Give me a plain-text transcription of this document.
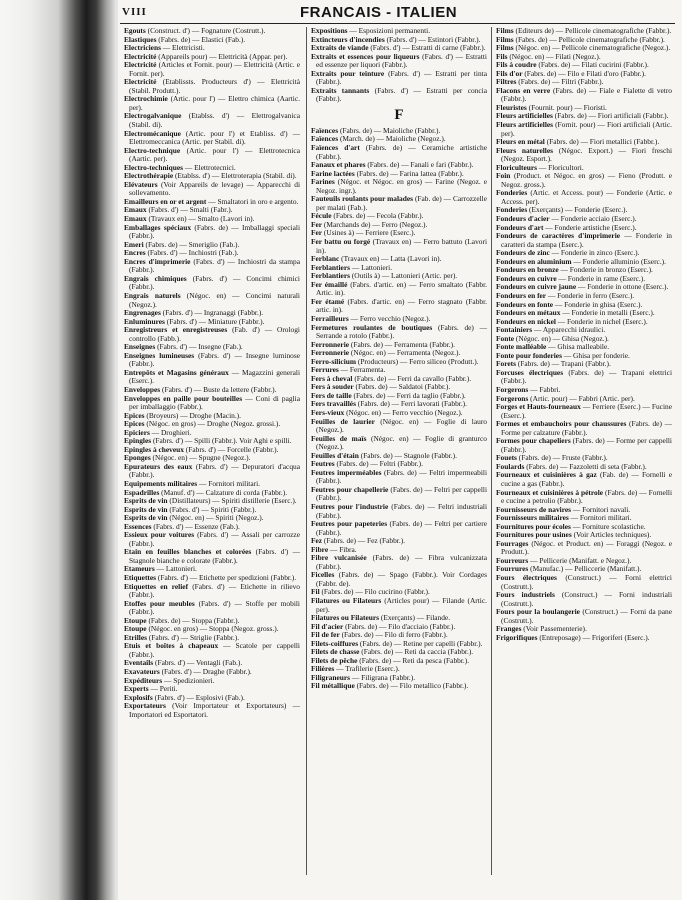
VIII	FRANCAIS - ITALIEN

Egouts (Construct. d') — Fognature (Costrutt.).

Elastiques (Fabrs. de) — Elastici (Fab.).

Electriciens — Elettricisti.

Electricité (Appareils pour) — Elettricità (Appar. per).

Electricité (Articles et Fornit. pour) — Elettricità (Artic. e Fornit. per).

Electricité (Etablissts. Producteurs d') — Elettricità (Stabil. Produtt.).

Electrochimie (Artic. pour l') — Elettro chimica (Aartic. per).

Electrogalvanique (Etablss. d') — Elettrogalvanica (Stabil. di).

Electromécanique (Artic. pour l') et Etabliss. d') — Elettromeccanica (Artic. per Stabil. di).

Electro-technique (Artic. pour l') — Elettrotecnica (Aartic. per).

Electro-techniques — Elettrotecnici.

Electrothérapie (Etablss. d') — Elettroterapia (Stabil. di).

Elévateurs (Voir Appareils de levage) — Apparecchi di sollevamento.

Emailleurs en or et argent — Smaltatori in oro e argento.

Emaux (Fabrs. d') — Smalti (Fabr.).

Emaux (Travaux en) — Smalto (Lavori in).

Emballages spéciaux (Fabrs. de) — Imballaggi speciali (Fabbr.).

Emeri (Fabrs. de) — Smeriglio (Fab.).

Encres (Fabrs. d') — Inchiostri (Fab.).

Encres d'imprimerie (Fabrs. d') — Inchiostri da stampa (Fabbr.).

Engrais chimiques (Fabrs. d') — Concimi chimici (Fabbr.).

Engrais naturels (Négoc. en) — Concimi naturali (Negoz.).

Engrenages (Fabrs. d') — Ingranaggi (Fabbr.).

Enluminures (Fabrs. d') — Miniature (Fabbr.).

Enregistreurs et enregistreuses (Fab. d') — Orologi controllo (Fabb.).

Enseignes (Fabrs. d') — Insegne (Fab.).

Enseignes lumineuses (Fabrs. d') — Insegne luminose (Fabbr.).

Entrepôts et Magasins généraux — Magazzini generali (Eserc.).

Enveloppes (Fabrs. d') — Buste da lettere (Fabbr.).

Enveloppes en paille pour bouteilles — Coni di paglia per imballaggio (Fabbr.).

Epices (Broyeurs) — Droghe (Macin.).

Epices (Négoc. en gros) — Droghe (Negoz. grossi.).

Epiciers — Droghieri.

Epingles (Fabrs. d') — Spilli (Fabbr.). Voir Aghi e spilli.

Epingles à cheveux (Fabrs. d') — Forcelle (Fabbr.).

Eponges (Négoc. en) — Spugne (Negoz.).

Epurateurs des eaux (Fabrs. d') — Depuratori d'acqua (Fabbr.).

Equipements militaires — Fornitori militari.

Espadrilles (Manuf. d') — Calzature di corda (Fabbr.).

Esprits de vin (Distillateurs) — Spiriti distillerie (Eserc.).

Esprits de vin (Fabrs. d') — Spiriti (Fabbr.).

Esprits de vin (Négoc. en) — Spiriti (Negoz.).

Essences (Fabrs. d') — Essenze (Fab.).

Essieux pour voitures (Fabrs. d') — Assali per carrozze (Fabbr.).

Etain en feuilles blanches et colorées (Fabrs. d') — Stagnole bianche e colorate (Fabbr.).

Etameurs — Lattonieri.

Etiquettes (Fabrs. d') — Etichette per spedizioni (Fabbr.).

Etiquettes en relief (Fabrs. d') — Etichette in rilievo (Fabbr.).

Etoffes pour meubles (Fabrs. d') — Stoffe per mobili (Fabbr.).

Etoupe (Fabrs. de) — Stoppa (Fabbr.).

Etoupe (Négoc. en gros) — Stoppa (Negoz. gross.).

Etrilles (Fabrs. d') — Striglie (Fabbr.).

Etuis et boîtes à chapeaux — Scatole per cappelli (Fabbr.).

Eventails (Fabrs. d') — Ventagli (Fab.).

Exavateurs (Fabrs. d') — Draghe (Fabbr.).

Expéditeurs — Spedizionieri.

Experts — Periti.

Explosifs (Fabrs. d') — Esplosivi (Fab.).

Exportateurs (Voir Importateur et Exportateurs) — Importatori ed Esportatori.

Expositions — Esposizioni permanenti.

Extincteurs d'incendies (Fabrs. d') — Estintori (Fabbr.).

Extraits de viande (Fabrs. d') — Estratti di carne (Fabbr.).

Extraits et essences pour liqueurs (Fabrs. d') — Estratti ed essenze per liquori (Fabbr.).

Extraits pour teinture (Fabrs. d') — Estratti per tinta (Fabbr.).

Extraits tannants (Fabrs. d') — Estratti per concia (Fabbr.).

F

Faïences (Fabrs. de) — Maioliche (Fabbr.).

Faïences (March. de) — Maioliche (Negoz.).

Faïences d'art (Fabrs. de) — Ceramiche artistiche (Fabbr.).

Fanaux et phares (Fabrs. de) — Fanali e fari (Fabbr.).

Farine lactées (Fabrs. de) — Farina lattea (Fabbr.).

Farines (Négoc. et Négoc. en gros) — Farine (Negoz. e Negoz. ingr.).

Fauteuils roulants pour malades (Fab. de) — Carrozzelle per malati (Fab.).

Fécule (Fabrs. de) — Fecola (Fabbr.).

Fer (Marchands de) — Ferro (Negoz.).

Fer (Usines à) — Ferriere (Eserc.).

Fer battu ou forgé (Travaux en) — Ferro battuto (Lavori in).

Ferblanc (Travaux en) — Latta (Lavori in).

Ferblantiers — Lattonieri.

Ferblantiers (Outils à) — Lattonieri (Artic. per).

Fer émaillé (Fabrs. d'artic. en) — Ferro smaltato (Fabbr. Artic. in).

Fer étamé (Fabrs. d'artic. en) — Ferro stagnato (Fabbr. artic. in).

Ferrailleurs — Ferro vecchio (Negoz.).

Fermetures roulantes de boutiques (Fabrs. de) — Serrande a rotolo (Fabbr.).

Ferronnerie (Fabrs. de) — Ferramenta (Fabbr.).

Ferronnerie (Négoc. en) — Ferramenta (Negoz.).

Ferro-silicium (Producteurs) — Ferro siliceo (Produtt.).

Ferrures — Ferramenta.

Fers à cheval (Fabrs. de) — Ferri da cavallo (Fabbr.).

Fers à souder (Fabrs. de) — Saldatoi (Fabbr.).

Fers de taille (Fabrs. de) — Ferri da taglio (Fabbr.).

Fers travaillés (Fabrs. de) — Ferri lavorati (Fabbr.).

Fers-vieux (Négoc. en) — Ferro vecchio (Negoz.).

Feuilles de laurier (Négoc. en) — Foglie di lauro (Negoz.).

Feuilles de maïs (Négoc. en) — Foglie di granturco (Negoz.).

Feuilles d'étain (Fabrs. de) — Stagnole (Fabbr.).

Feutres (Fabrs. de) — Feltri (Fabbr.).

Feutres imperméables (Fabrs. de) — Feltri impermeabili (Fabbr.).

Feutres pour chapellerie (Fabrs. de) — Feltri per cappelli (Fabbr.).

Feutres pour l'industrie (Fabrs. de) — Feltri industriali (Fabbr.).

Feutres pour papeteries (Fabrs. de) — Feltri per cartiere (Fabbr.).

Fez (Fabrs. de) — Fez (Fabbr.).

Fibre — Fibra.

Fibre vulcanisée (Fabrs. de) — Fibra vulcanizzata (Fabbr.).

Ficelles (Fabrs. de) — Spago (Fabbr.). Voir Cordages (Fabbr. de).

Fil (Fabrs. de) — Filo cucirino (Fabbr.).

Filatures ou Filateurs (Articles pour) — Filande (Artic. per).

Filatures ou Filateurs (Exerçants) — Filande.

Fil d'acier (Fabrs. de) — Filo d'acciaio (Fabbr.).

Fil de fer (Fabrs. de) — Filo di ferro (Fabbr.).

Filets-coiffures (Fabrs. de) — Retine per capelli (Fabbr.).

Filets de chasse (Fabrs. de) — Reti da caccia (Fabbr.).

Filets de pêche (Fabrs. de) — Reti da pesca (Fabbr.).

Filières — Trafilerie (Eserc.).

Filigraneurs — Filigrana (Fabbr.).

Fil métallique (Fabrs. de) — Filo metallico (Fabbr.).

Films (Editeurs de) — Pellicole cinematografiche (Fabbr.).

Films (Fabrs. de) — Pellicole cinematografiche (Fabbr.).

Films (Négoc. en) — Pellicole cinematografiche (Negoz.).

Fils (Négoc. en) — Filati (Negoz.).

Fils à coudre (Fabrs. de) — Filati cucirini (Fabbr.).

Fils d'or (Fabrs. de) — Filo e Filati d'oro (Fabbr.).

Filtres (Fabrs. de) — Filtri (Fabbr.).

Flacons en verre (Fabrs. de) — Fiale e Fialette di vetro (Fabbr.).

Fleuristes (Fournit. pour) — Fioristi.

Fleurs artificielles (Fabrs. de) — Fiori artificiali (Fabbr.).

Fleurs artificielles (Fornit. pour) — Fiori artificiali (Artic. per).

Fleurs en métal (Fabrs. de) — Fiori metallici (Fabbr.).

Fleurs naturelles (Négoc. Export.) — Fiori freschi (Negoz. Esport.).

Floriculteurs — Floricultori.

Foin (Product. et Négoc. en gros) — Fieno (Produtt. e Negoz. gross.).

Fonderies (Artic. et Access. pour) — Fonderie (Artic. e Access. per).

Fonderies (Exerçants) — Fonderie (Eserc.).

Fondeurs d'acier — Fonderie acciaio (Eserc.).

Fondeurs d'art — Fonderie artistiche (Eserc.).

Fondeurs de caractères d'imprimerie — Fonderie in caratteri da stampa (Eserc.).

Fondeurs de zinc — Fonderie in zinco (Eserc.).

Fondeurs en aluminium — Fonderie alluminio (Eserc.).

Fondeurs en bronze — Fonderie in bronzo (Eserc.).

Fondeurs en cuivre — Fonderie in rame (Eserc.).

Fondeurs en cuivre jaune — Fonderie in ottone (Eserc.).

Fondeurs en fer — Fonderie in ferro (Eserc.).

Fondeurs en fonte — Fonderie in ghisa (Eserc.).

Fondeurs en métaux — Fonderie in metalli (Eserc.).

Fondeurs en nickel — Fonderie in nichel (Eserc.).

Fontainiers — Apparecchi idraulici.

Fonte (Négoc. en) — Ghisa (Negoz.).

Fonte malléable — Ghisa malleabile.

Fonte pour fonderies — Ghisa per fonderie.

Forets (Fabrs. de) — Trapani (Fabbr.).

Forcuses électriques (Fabrs. de) — Trapani elettrici (Fabbr.).

Forgerons — Fabbri.

Forgerons (Artic. pour) — Fabbri (Artic. per).

Forges et Hauts-fourneaux — Ferriere (Eserc.) — Fucine (Eserc.).

Formes et embauchoirs pour chaussures (Fabrs. de) — Forme per calzature (Fabbr.).

Formes pour chapeliers (Fabrs. de) — Forme per cappelli (Fabbr.).

Fouets (Fabrs. de) — Fruste (Fabbr.).

Foulards (Fabrs. de) — Fazzoletti di seta (Fabbr.).

Fourneaux et cuisinières à gaz (Fab. de) — Fornelli e cucine a gas (Fabbr.).

Fourneaux et cuisinières à pétrole (Fabrs. de) — Fornelli e cucine a petrolio (Fabbr.).

Fournisseurs de navires — Fornitori navali.

Fournisseurs militaires — Fornitori militari.

Fournitures pour écoles — Forniture scolastiche.

Fournitures pour usines (Voir Articles techniques).

Fourrages (Négoc. et Product. en) — Foraggi (Negoz. e Produtt.).

Fourreurs — Pellicerie (Manifatt. e Negoz.).

Fourrures (Manufac.) — Pelliccerie (Manifatt.).

Fours électriques (Construct.) — Forni elettrici (Costrutt.).

Fours industriels (Construct.) — Forni industriali (Costrutt.).

Fours pour la boulangerie (Construct.) — Forni da pane (Costrutt.).

Franges (Voir Passementerie).

Frigorifiques (Entreposage) — Frigoriferi (Eserc.).
